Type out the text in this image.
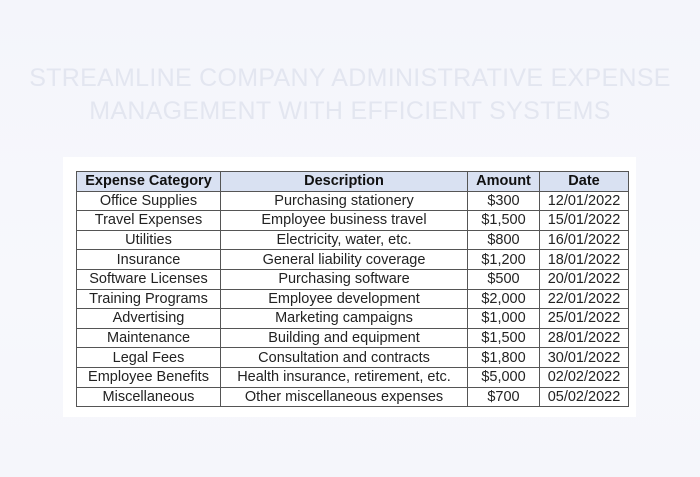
STREAMLINE COMPANY ADMINISTRATIVE EXPENSE
MANAGEMENT WITH EFFICIENT SYSTEMS
Expense Category	Description	Amount	Date
Office Supplies	Purchasing stationery	$300	12/01/2022
Travel Expenses	Employee business travel	$1,500	15/01/2022
Utilities	Electricity, water, etc.	$800	16/01/2022
Insurance	General liability coverage	$1,200	18/01/2022
Software Licenses	Purchasing software	$500	20/01/2022
Training Programs	Employee development	$2,000	22/01/2022
Advertising	Marketing campaigns	$1,000	25/01/2022
Maintenance	Building and equipment	$1,500	28/01/2022
Legal Fees	Consultation and contracts	$1,800	30/01/2022
Employee Benefits	Health insurance, retirement, etc.	$5,000	02/02/2022
Miscellaneous	Other miscellaneous expenses	$700	05/02/2022
